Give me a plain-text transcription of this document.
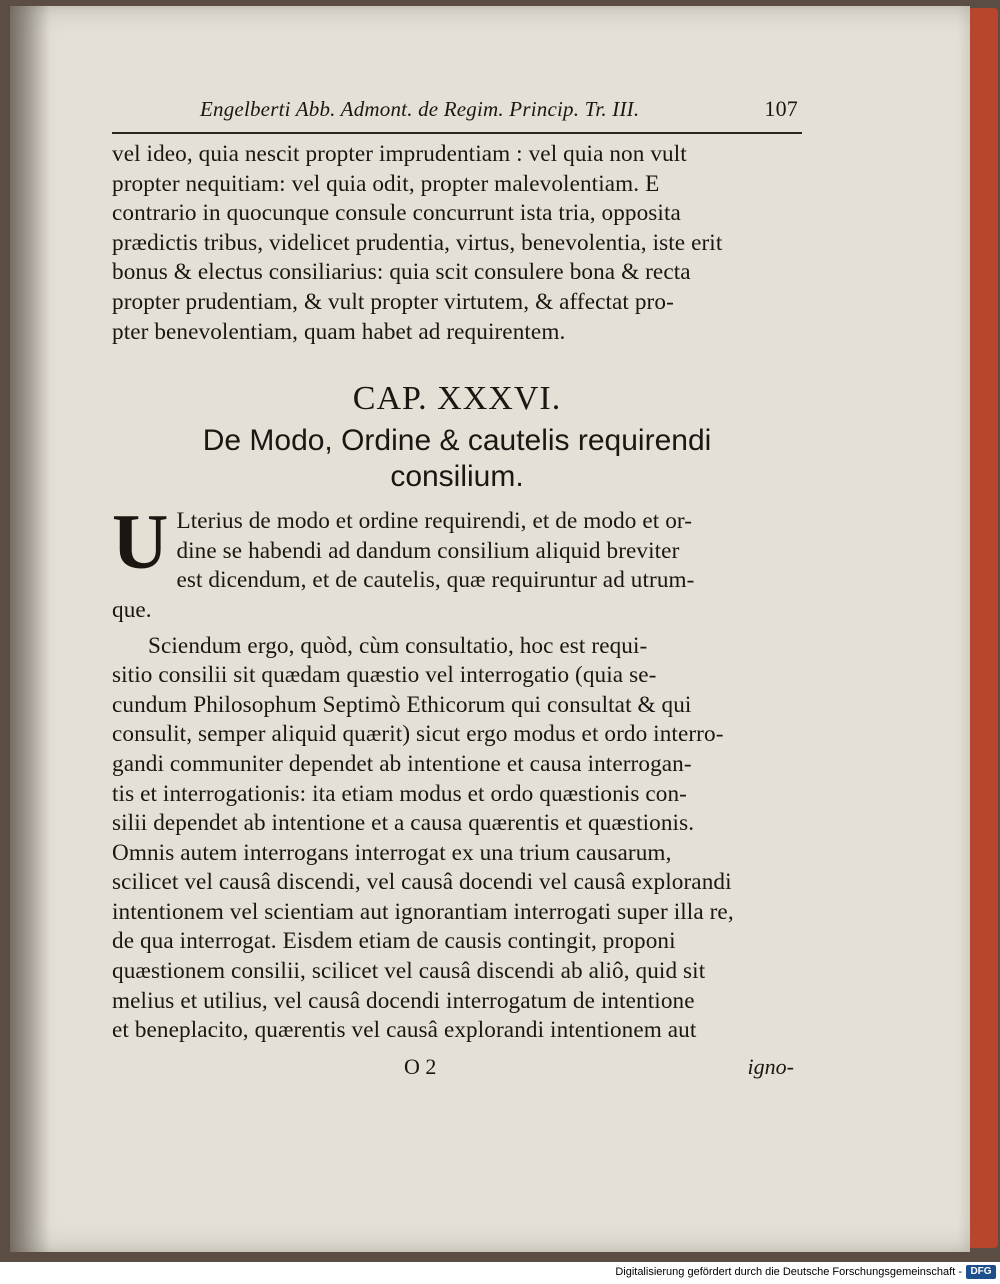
Engelberti Abb. Admont. de Regim. Princip. Tr. III.	107
vel ideo, quia nescit propter imprudentiam : vel quia non vult
propter nequitiam: vel quia odit, propter malevolentiam. E
contrario in quocunque consule concurrunt ista tria, opposita
prædictis tribus, videlicet prudentia, virtus, benevolentia, iste erit
bonus & electus consiliarius: quia scit consulere bona & recta
propter prudentiam, & vult propter virtutem, & affectat pro-
pter benevolentiam, quam habet ad requirentem.
CAP. XXXVI.
De Modo, Ordine & cautelis requirendi
consilium.
U Lterius de modo et ordine requirendi, et de modo et or-
dine se habendi ad dandum consilium aliquid breviter
est dicendum, et de cautelis, quæ requiruntur ad utrum-
que.
Sciendum ergo, quòd, cùm consultatio, hoc est requi-
sitio consilii sit quædam quæstio vel interrogatio (quia se-
cundum Philosophum Septimò Ethicorum qui consultat & qui
consulit, semper aliquid quærit) sicut ergo modus et ordo interro-
gandi communiter dependet ab intentione et causa interrogan-
tis et interrogationis: ita etiam modus et ordo quæstionis con-
silii dependet ab intentione et a causa quærentis et quæstionis.
Omnis autem interrogans interrogat ex una trium causarum,
scilicet vel causâ discendi, vel causâ docendi vel causâ explorandi
intentionem vel scientiam aut ignorantiam interrogati super illa re,
de qua interrogat. Eisdem etiam de causis contingit, proponi
quæstionem consilii, scilicet vel causâ discendi ab aliô, quid sit
melius et utilius, vel causâ docendi interrogatum de intentione
et beneplacito, quærentis vel causâ explorandi intentionem aut
O 2	igno-
Digitalisierung gefördert durch die Deutsche Forschungsgemeinschaft - DFG
